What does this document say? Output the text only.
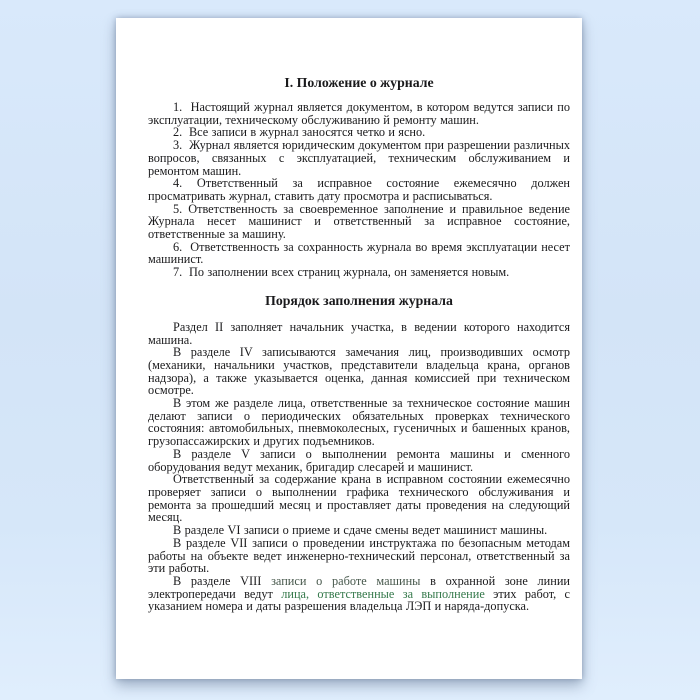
I. Положение о журнале

1.  Настоящий журнал является документом, в котором ведутся записи по эксплуатации, техническому обслуживанию й ремонту машин.

2.  Все записи в журнал заносятся четко и ясно.

3.  Журнал является юридическим документом при разрешении различных вопросов, связанных с эксплуатацией, техническим обслуживанием и ремонтом машин.

4. Ответственный за исправное состояние ежемесячно должен просматривать журнал, ставить дату просмотра и расписываться.

5. Ответственность за своевременное заполнение и правильное ведение Журнала несет машинист и ответственный за исправное состояние, ответственные за машину.

6.  Ответственность за сохранность журнала во время эксплуатации несет машинист.

7.  По заполнении всех страниц журнала, он заменяется новым.

Порядок заполнения журнала

Раздел II заполняет начальник участка, в ведении которого находится машина.

В разделе IV записываются замечания лиц, производивших осмотр (механики, начальники участков, представители владельца крана, органов надзора), а также указывается оценка, данная комиссией при техническом осмотре.

В этом же разделе лица, ответственные за техническое состояние машин делают записи о периодических обязательных проверках технического состояния: автомобильных, пневмоколесных, гусеничных и башенных кранов, грузопассажирских и других подъемников.

В разделе V записи о выполнении ремонта машины и сменного оборудования ведут механик, бригадир слесарей и машинист.

Ответственный за содержание крана в исправном состоянии ежемесячно проверяет записи о выполнении графика технического обслуживания и ремонта за прошедший месяц и проставляет даты проведения на следующий месяц.

В разделе VI записи о приеме и сдаче смены ведет машинист машины.

В разделе VII записи о проведении инструктажа по безопасным методам работы на объекте ведет инженерно-технический персонал, ответственный за эти работы.

В разделе VIII записи о работе машины в охранной зоне линии электропередачи ведут лица, ответственные за выполнение этих работ, с указанием номера и даты разрешения владельца ЛЭП и наряда-допуска.
